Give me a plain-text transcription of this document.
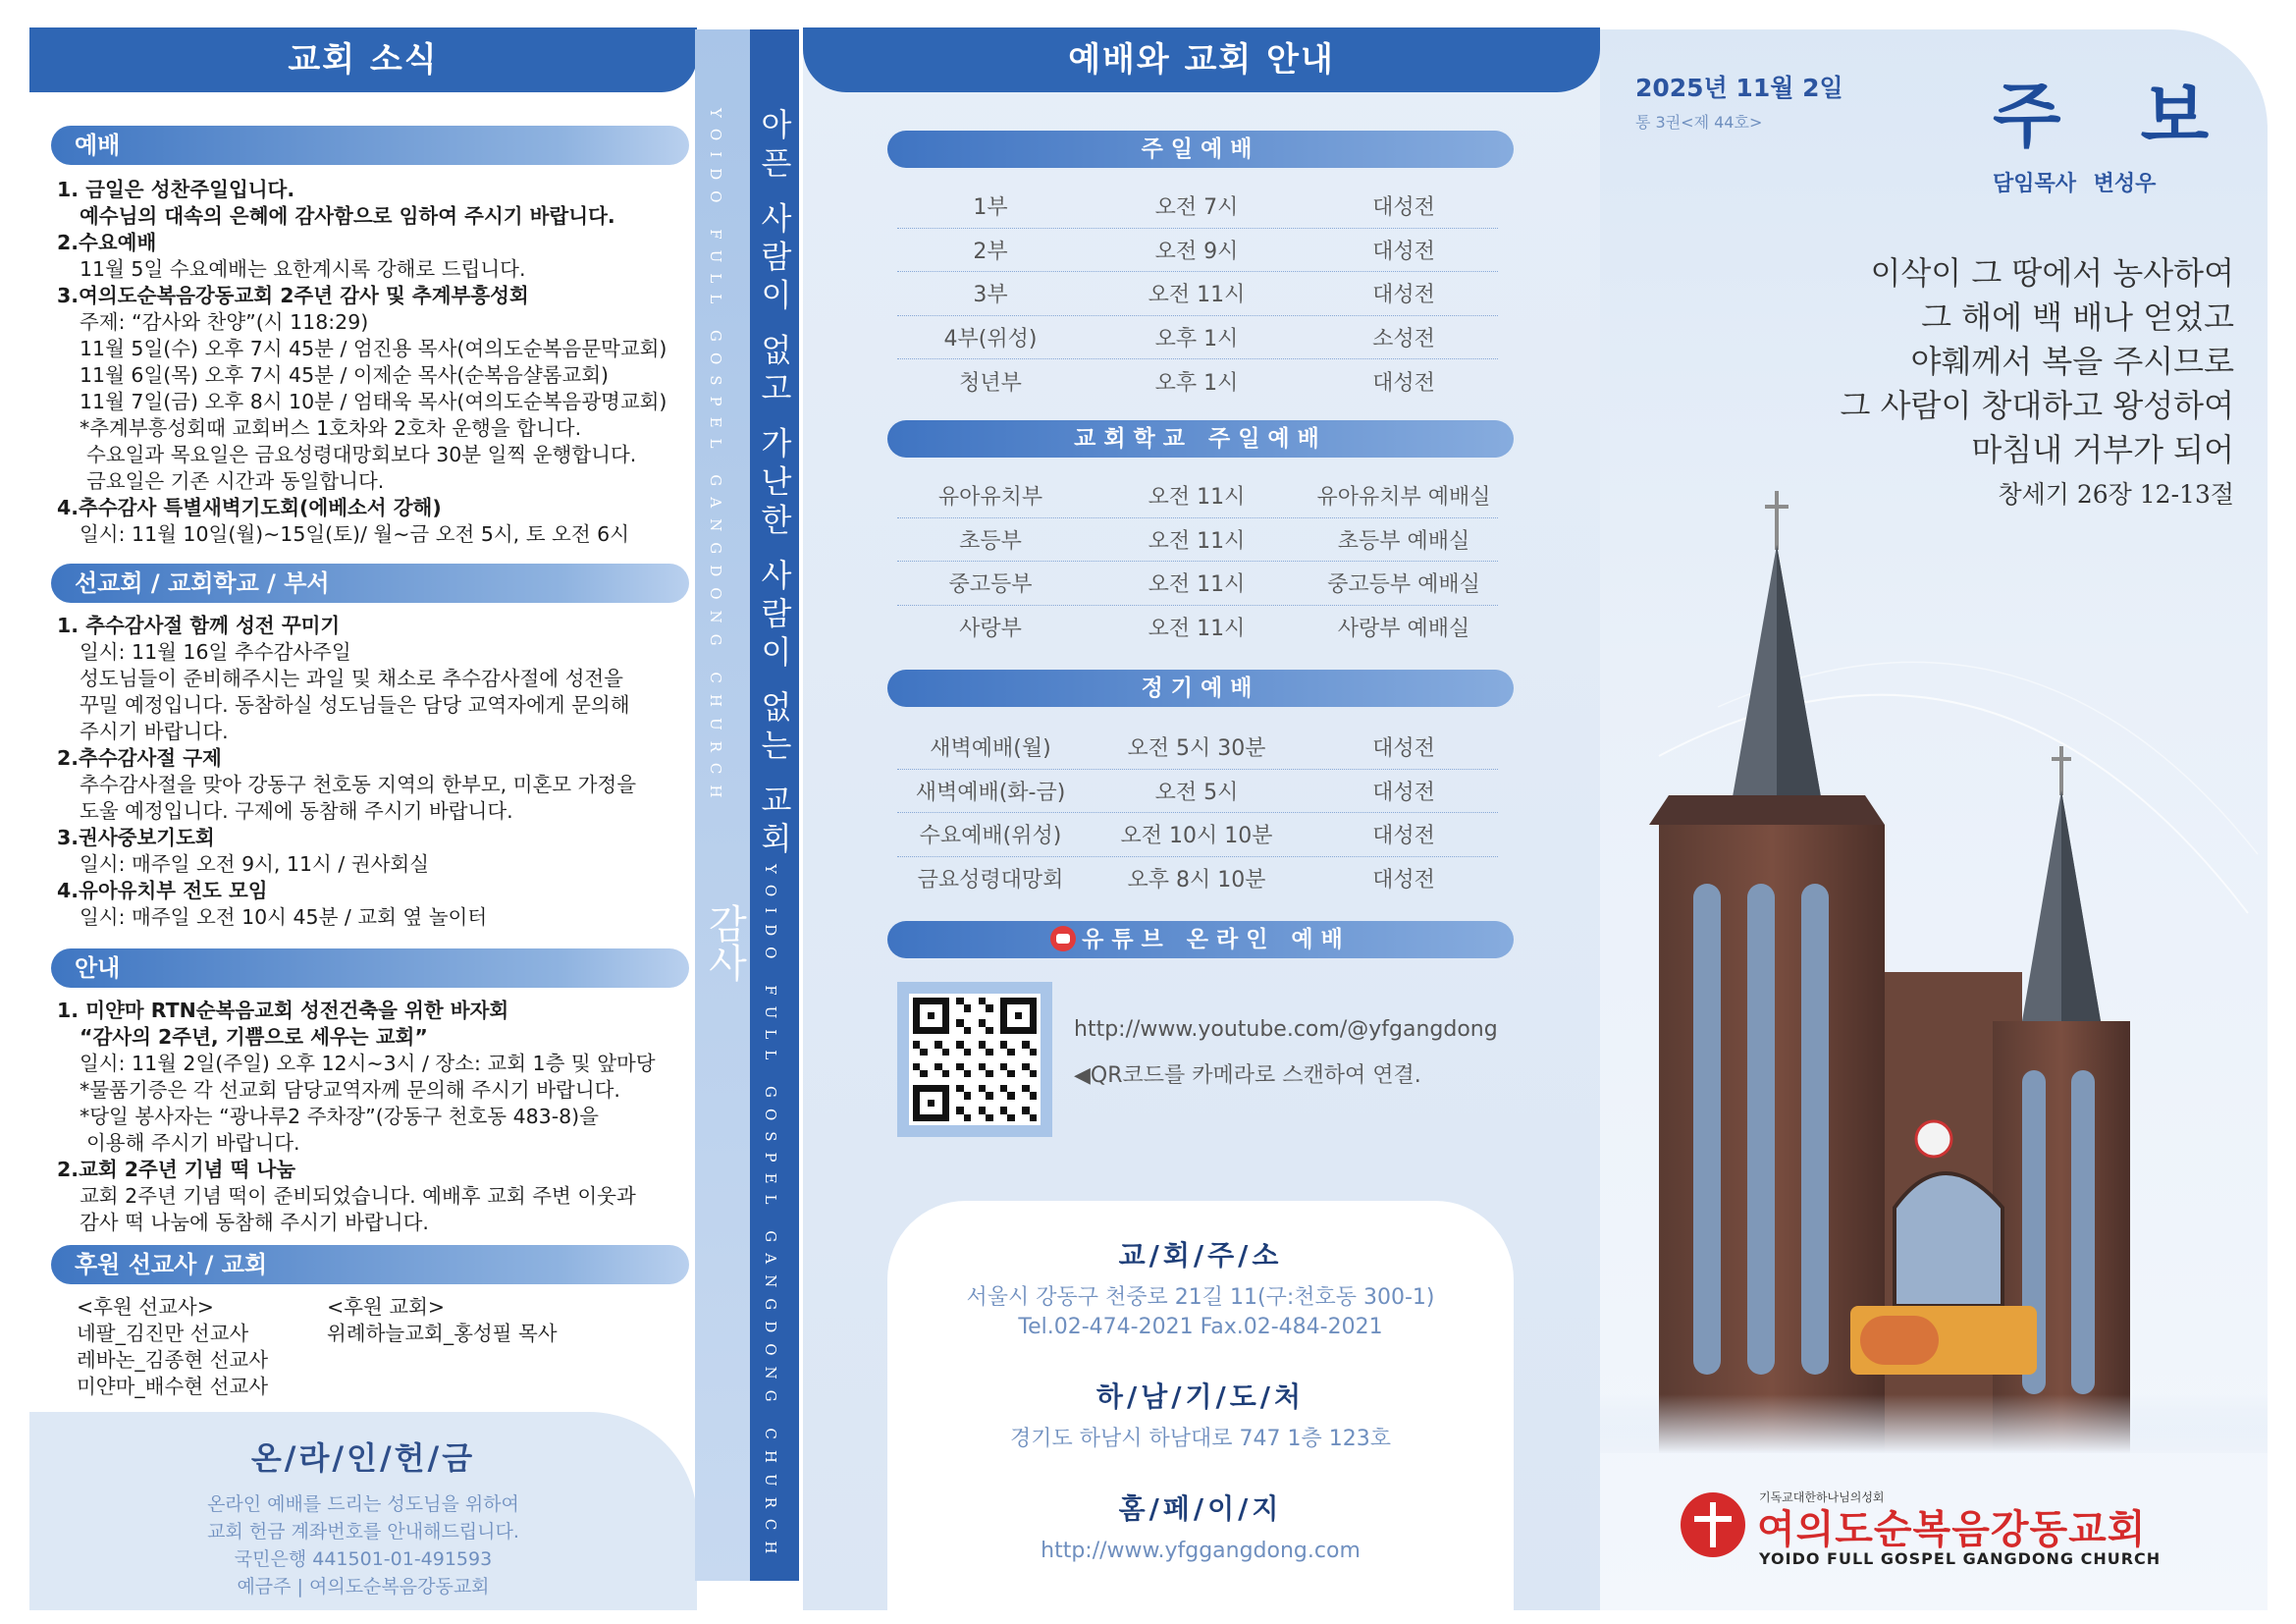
교회 소식
예배
1. 금일은 성찬주일입니다.
예수님의 대속의 은혜에 감사함으로 임하여 주시기 바랍니다.
2.수요예배
11월 5일 수요예배는 요한계시록 강해로 드립니다.
3.여의도순복음강동교회 2주년 감사 및 추계부흥성회
주제: “감사와 찬양”(시 118:29)
11월 5일(수) 오후 7시 45분 / 엄진용 목사(여의도순복음문막교회)
11월 6일(목) 오후 7시 45분 / 이제순 목사(순복음샬롬교회)
11월 7일(금) 오후 8시 10분 / 엄태욱 목사(여의도순복음광명교회)
*추계부흥성회때 교회버스 1호차와 2호차 운행을 합니다.
수요일과 목요일은 금요성령대망회보다 30분 일찍 운행합니다.
금요일은 기존 시간과 동일합니다.
4.추수감사 특별새벽기도회(에베소서 강해)
일시: 11월 10일(월)~15일(토)/ 월~금 오전 5시, 토 오전 6시
선교회 / 교회학교 / 부서
1. 추수감사절 함께 성전 꾸미기
일시: 11월 16일 추수감사주일
성도님들이 준비해주시는 과일 및 채소로 추수감사절에 성전을
꾸밀 예정입니다. 동참하실 성도님들은 담당 교역자에게 문의해
주시기 바랍니다.
2.추수감사절 구제
추수감사절을 맞아 강동구 천호동 지역의 한부모, 미혼모 가정을
도울 예정입니다. 구제에 동참해 주시기 바랍니다.
3.권사중보기도회
일시: 매주일 오전 9시, 11시 / 권사회실
4.유아유치부 전도 모임
일시: 매주일 오전 10시 45분 / 교회 옆 놀이터
안내
1. 미얀마 RTN순복음교회 성전건축을 위한 바자회
“감사의 2주년, 기쁨으로 세우는 교회”
일시: 11월 2일(주일) 오후 12시~3시 / 장소: 교회 1층 및 앞마당
*물품기증은 각 선교회 담당교역자께 문의해 주시기 바랍니다.
*당일 봉사자는 “광나루2 주차장”(강동구 천호동 483-8)을
이용해 주시기 바랍니다.
2.교회 2주년 기념 떡 나눔
교회 2주년 기념 떡이 준비되었습니다. 예배후 교회 주변 이웃과
감사 떡 나눔에 동참해 주시기 바랍니다.
후원 선교사 / 교회
<후원 선교사>
네팔_김진만 선교사
레바논_김종현 선교사
미얀마_배수현 선교사
<후원 교회>
위례하늘교회_홍성필 목사
온/라/인/헌/금
온라인 예배를 드리는 성도님을 위하여
교회 헌금 계좌번호를 안내해드립니다.
국민은행 441501-01-491593
예금주 | 여의도순복음강동교회
YOIDO FULL GOSPEL GANGDONG CHURCH
감사
아픈 사람이 없고 가난한 사람이 없는 교회
YOIDO FULL GOSPEL GANGDONG CHURCH
예배와 교회 안내
주일예배
1부	오전 7시	대성전
2부	오전 9시	대성전
3부	오전 11시	대성전
4부(위성)	오후 1시	소성전
청년부	오후 1시	대성전
교회학교 주일예배
유아유치부	오전 11시	유아유치부 예배실
초등부	오전 11시	초등부 예배실
중고등부	오전 11시	중고등부 예배실
사랑부	오전 11시	사랑부 예배실
정기예배
새벽예배(월)	오전 5시 30분	대성전
새벽예배(화-금)	오전 5시	대성전
수요예배(위성)	오전 10시 10분	대성전
금요성령대망회	오후 8시 10분	대성전
유튜브 온라인 예배
http://www.youtube.com/@yfgangdong
◀QR코드를 카메라로 스캔하여 연결.
교/회/주/소
서울시 강동구 천중로 21길 11(구:천호동 300-1)
Tel.02-474-2021 Fax.02-484-2021
하/남/기/도/처
경기도 하남시 하남대로 747 1층 123호
홈/페/이/지
http://www.yfggangdong.com
2025년 11월 2일
통 3권<제 44호>	주 보
담임목사 변성우
이삭이 그 땅에서 농사하여
그 해에 백 배나 얻었고
야훼께서 복을 주시므로
그 사람이 창대하고 왕성하여
마침내 거부가 되어
창세기 26장 12-13절
기독교대한하나님의성회
여의도순복음강동교회
YOIDO FULL GOSPEL GANGDONG CHURCH
